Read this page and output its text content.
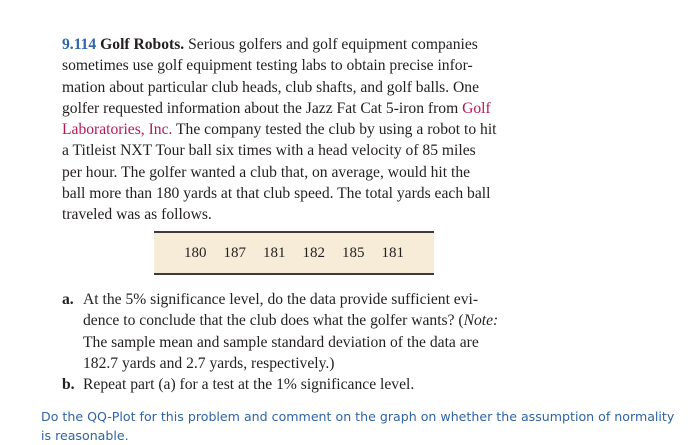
9.114 Golf Robots. Serious golfers and golf equipment companies
sometimes use golf equipment testing labs to obtain precise infor-
mation about particular club heads, club shafts, and golf balls. One
golfer requested information about the Jazz Fat Cat 5-iron from Golf
Laboratories, Inc. The company tested the club by using a robot to hit
a Titleist NXT Tour ball six times with a head velocity of 85 miles
per hour. The golfer wanted a club that, on average, would hit the
ball more than 180 yards at that club speed. The total yards each ball
traveled was as follows.
180 187 181 182 185 181
a. At the 5% significance level, do the data provide sufficient evi-
dence to conclude that the club does what the golfer wants? (Note:
The sample mean and sample standard deviation of the data are
182.7 yards and 2.7 yards, respectively.)
b. Repeat part (a) for a test at the 1% significance level.
Do the QQ-Plot for this problem and comment on the graph on whether the assumption of normality is reasonable.
